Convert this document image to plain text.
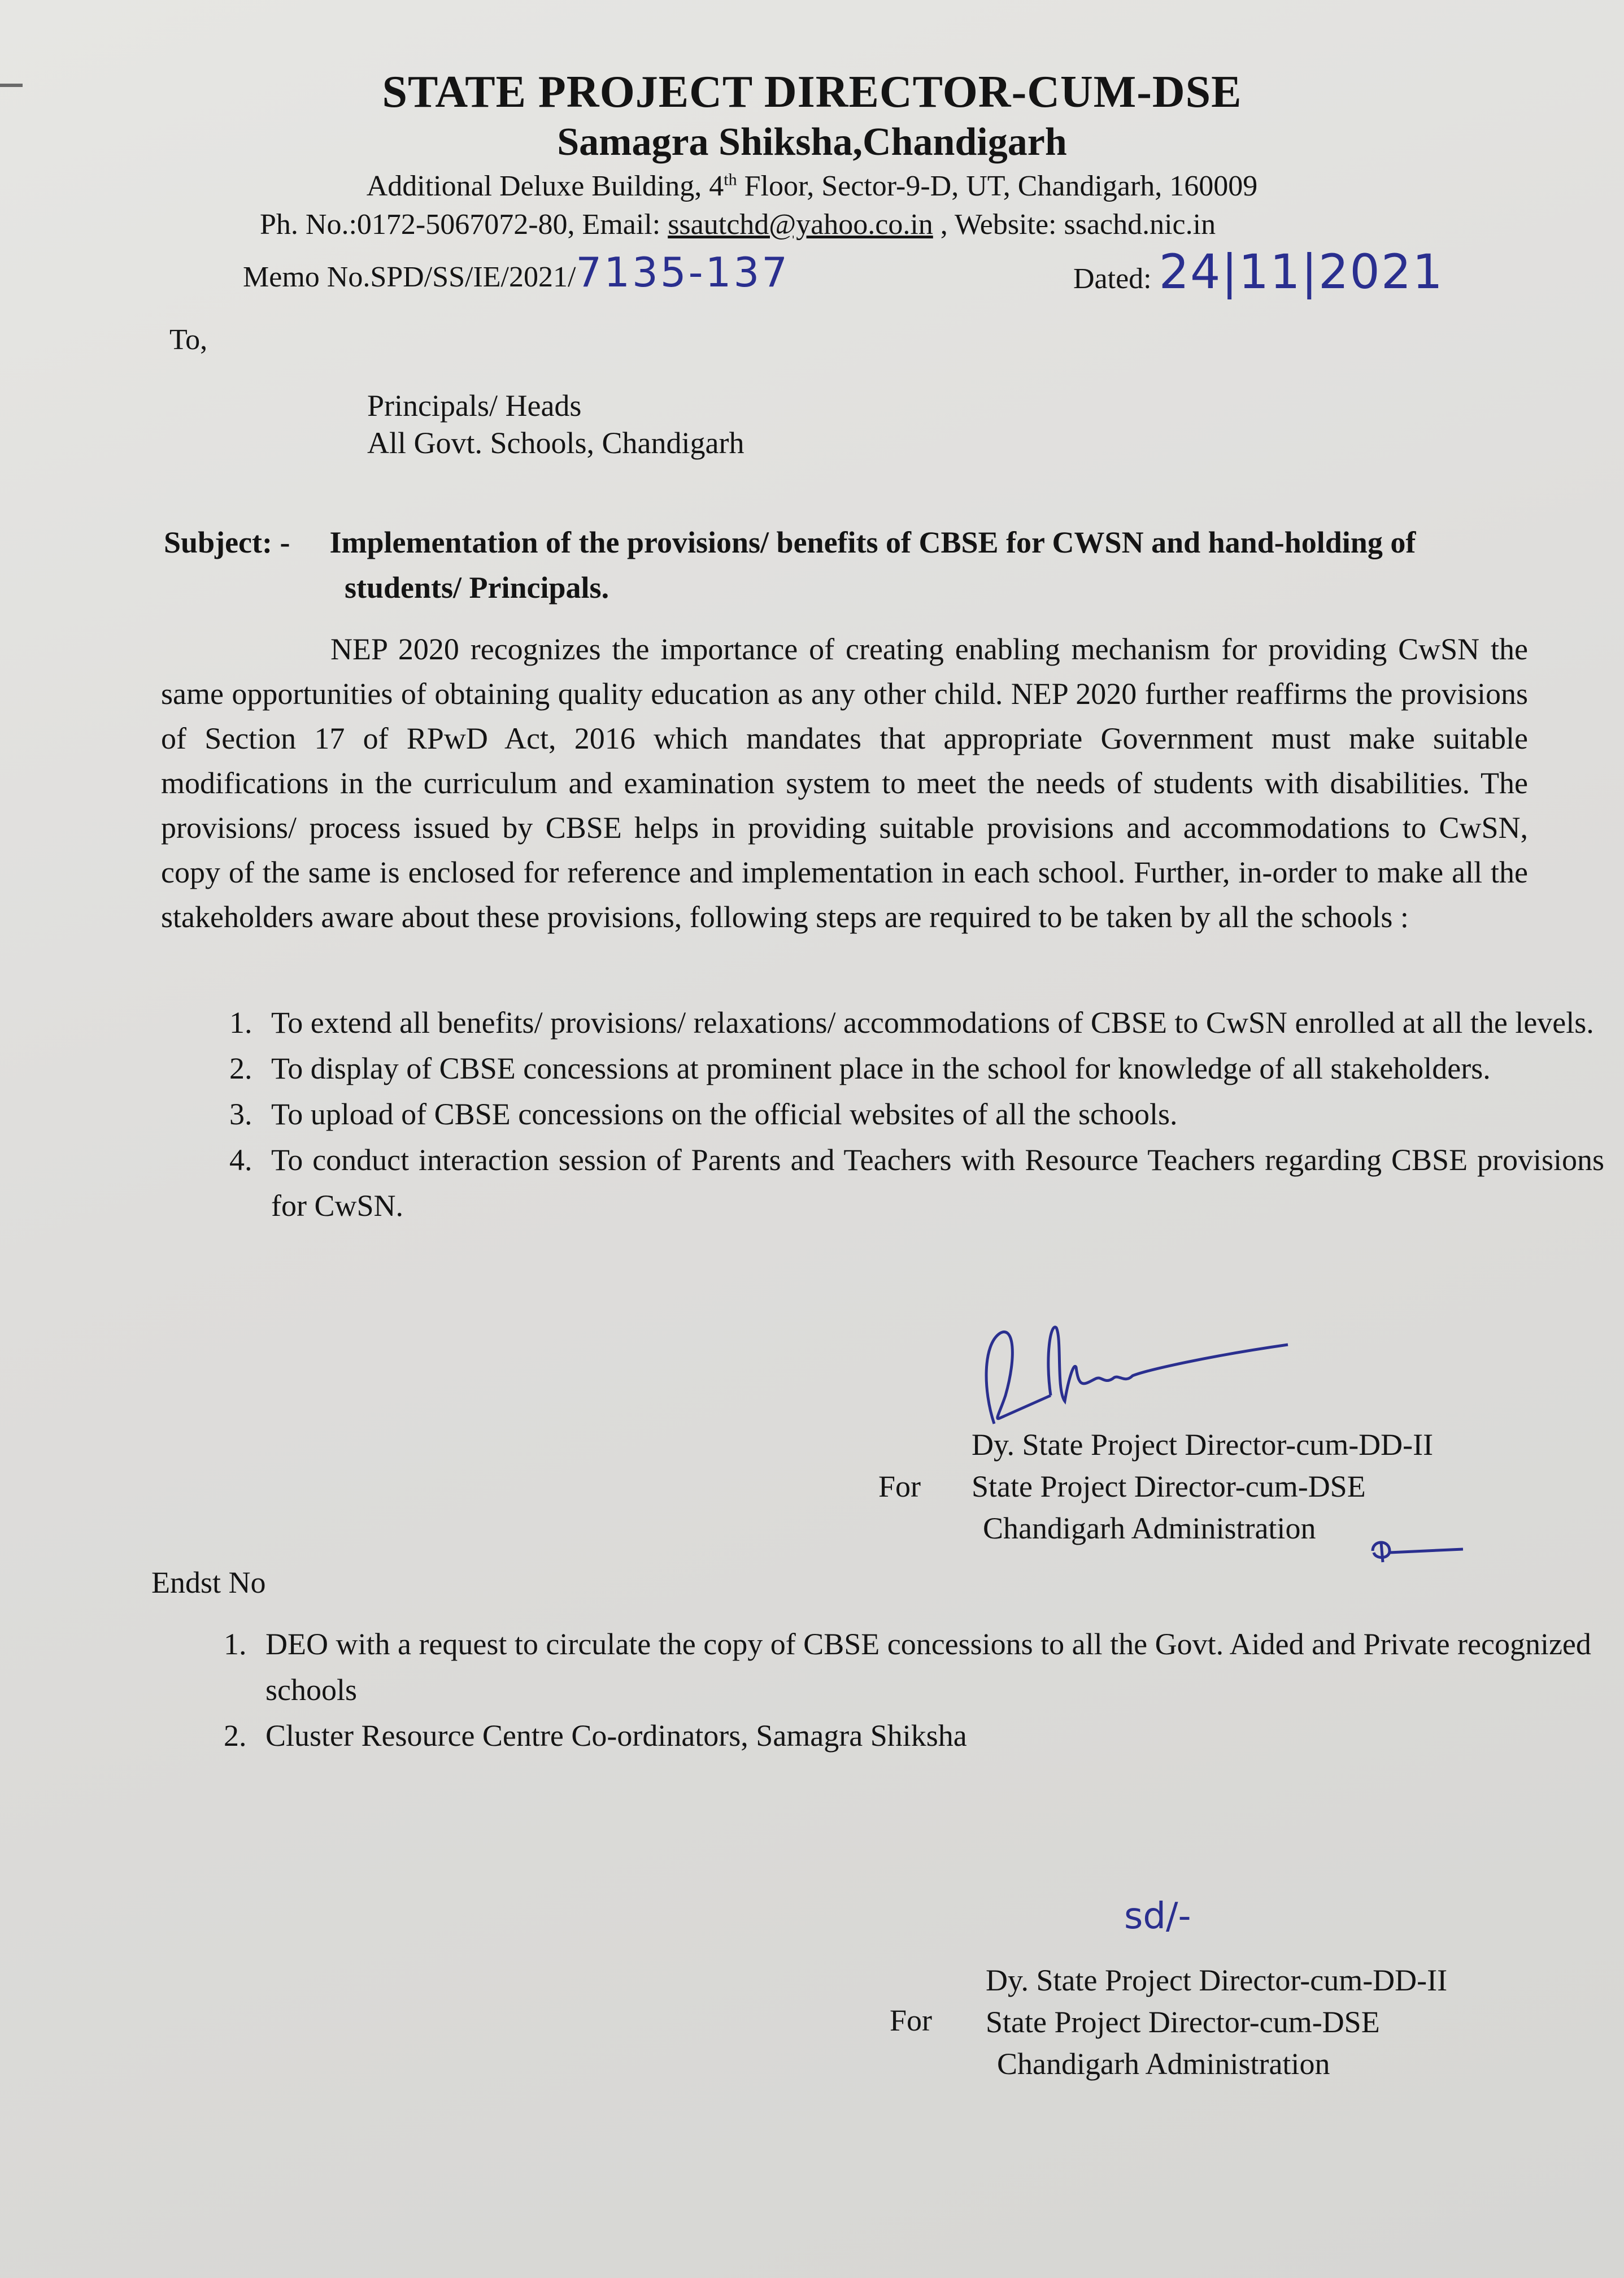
STATE PROJECT DIRECTOR-CUM-DSE
Samagra Shiksha,Chandigarh
Additional Deluxe Building, 4th Floor, Sector-9-D, UT, Chandigarh, 160009
Ph. No.:0172-5067072-80, Email: ssautchd@yahoo.co.in , Website: ssachd.nic.in
Memo No.SPD/SS/IE/2021/7135-137	Dated: 24|11|2021
To,
Principals/ Heads
All Govt. Schools, Chandigarh
Subject: - Implementation of the provisions/ benefits of CBSE for CWSN and hand-holding of
students/ Principals.
NEP 2020 recognizes the importance of creating enabling mechanism for providing CwSN the same opportunities of obtaining quality education as any other child. NEP 2020 further reaffirms the provisions of Section 17 of RPwD Act, 2016 which mandates that appropriate Government must make suitable modifications in the curriculum and examination system to meet the needs of students with disabilities. The provisions/ process issued by CBSE helps in providing suitable provisions and accommodations to CwSN, copy of the same is enclosed for reference and implementation in each school. Further, in-order to make all the stakeholders aware about these provisions, following steps are required to be taken by all the schools :
1. To extend all benefits/ provisions/ relaxations/ accommodations of CBSE to CwSN enrolled at all the levels.
2. To display of CBSE concessions at prominent place in the school for knowledge of all stakeholders.
3. To upload of CBSE concessions on the official websites of all the schools.
4. To conduct interaction session of Parents and Teachers with Resource Teachers regarding CBSE provisions for CwSN.
Dy. State Project Director-cum-DD-II
State Project Director-cum-DSE
Chandigarh Administration
For
Endst No
1. DEO with a request to circulate the copy of CBSE concessions to all the Govt. Aided and Private recognized schools
2. Cluster Resource Centre Co-ordinators, Samagra Shiksha
sd/-
Dy. State Project Director-cum-DD-II
State Project Director-cum-DSE
Chandigarh Administration
For
